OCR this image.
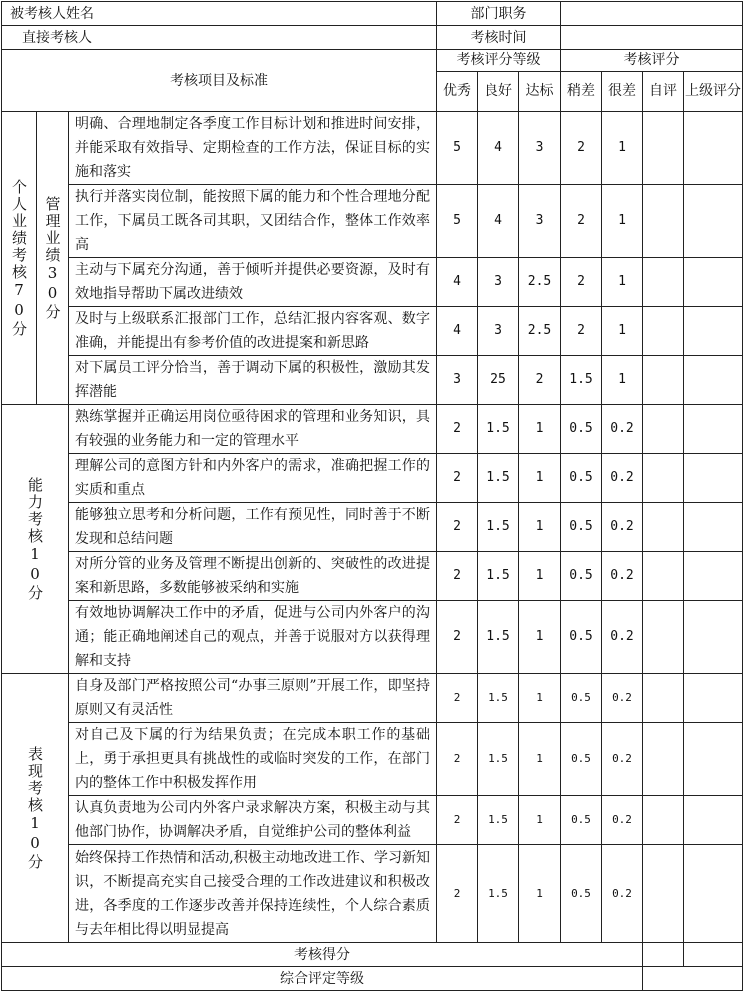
被考核人姓名			部门职务						
直接考核人			考核时间						
考核项目及标准			考核评分等级			考核评分			
			优秀	良好	达标	稍差	很差	自评	上级评分

个人业绩考核70分	管理业绩30分	明确、合理地制定各季度工作目标计划和推进时间安排，并能采取有效指导、定期检查的工作方法，保证目标的实施和落实	5	4	3	2	1		
		执行并落实岗位制，能按照下属的能力和个性合理地分配工作，下属员工既各司其职，又团结合作，整体工作效率高	5	4	3	2	1		
		主动与下属充分沟通，善于倾听并提供必要资源，及时有效地指导帮助下属改进绩效	4	3	2.5	2	1		
		及时与上级联系汇报部门工作，总结汇报内容客观、数字准确，并能提出有参考价值的改进提案和新思路	4	3	2.5	2	1		
		对下属员工评分恰当，善于调动下属的积极性，激励其发挥潜能	3	25	2	1.5	1		

能力考核10分		熟练掌握并正确运用岗位亟待困求的管理和业务知识，具有较强的业务能力和一定的管理水平	2	1.5	1	0.5	0.2		
		理解公司的意图方针和内外客户的需求，准确把握工作的实质和重点	2	1.5	1	0.5	0.2		
		能够独立思考和分析问题，工作有预见性，同时善于不断发现和总结问题	2	1.5	1	0.5	0.2		
		对所分管的业务及管理不断提出创新的、突破性的改进提案和新思路，多数能够被采纳和实施	2	1.5	1	0.5	0.2		
		有效地协调解决工作中的矛盾，促进与公司内外客户的沟通；能正确地阐述自己的观点，并善于说服对方以获得理解和支持	2	1.5	1	0.5	0.2		

表现考核10分		自身及部门严格按照公司“办事三原则”开展工作，即坚持原则又有灵活性	2	1.5	1	0.5	0.2		
		对自己及下属的行为结果负责；在完成本职工作的基础上，勇于承担更具有挑战性的或临时突发的工作，在部门内的整体工作中积极发挥作用	2	1.5	1	0.5	0.2		
		认真负责地为公司内外客户录求解决方案，积极主动与其他部门协作，协调解决矛盾，自觉维护公司的整体利益	2	1.5	1	0.5	0.2		
		始终保持工作热情和活动,积极主动地改进工作、学习新知识，不断提高充实自己接受合理的工作改进建议和积极改进，各季度的工作逐步改善并保持连续性，个人综合素质与去年相比得以明显提高	2	1.5	1	0.5	0.2		
考核得分									
综合评定等级									
